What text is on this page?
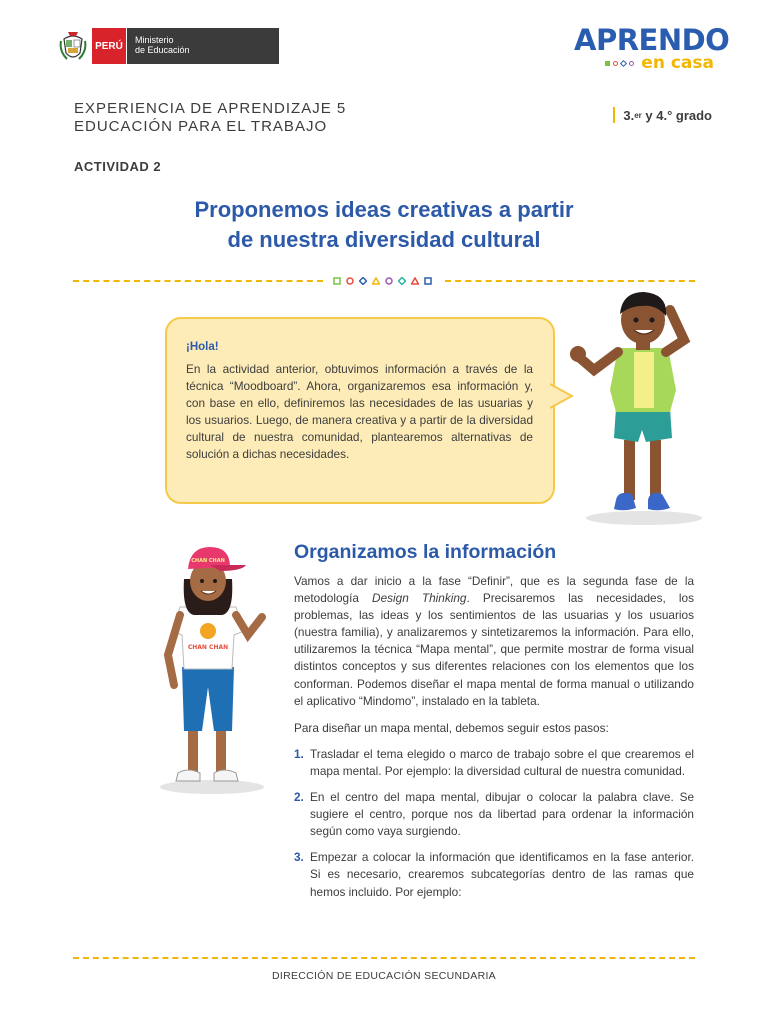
PERÚ
Ministerio
de Educación	APRENDO
en casa
EXPERIENCIA DE APRENDIZAJE 5
EDUCACIÓN PARA EL TRABAJO
3. er y 4.° grado
ACTIVIDAD 2
Proponemos ideas creativas a partir
de nuestra diversidad cultural
¡Hola!
En la actividad anterior, obtuvimos información a través de la técnica “Moodboard”. Ahora, organizaremos esa información y, con base en ello, definiremos las necesidades de las usuarias y los usuarios. Luego, de manera creativa y a partir de la diversidad cultural de nuestra comunidad, plantearemos alternativas de solución a dichas necesidades.
Organizamos la información

Vamos a dar inicio a la fase “Definir”, que es la segunda fase de la metodología Design Thinking. Precisaremos las necesidades, los problemas, las ideas y los sentimientos de las usuarias y los usuarios (nuestra familia), y analizaremos y sintetizaremos la información. Para ello, utilizaremos la técnica “Mapa mental”, que permite mostrar de forma visual distintos conceptos y sus diferentes relaciones con los elementos que los conforman. Podemos diseñar el mapa mental de forma manual o utilizando el aplicativo “Mindomo”, instalado en la tableta.

Para diseñar un mapa mental, debemos seguir estos pasos:

1. Trasladar el tema elegido o marco de trabajo sobre el que crearemos el mapa mental. Por ejemplo: la diversidad cultural de nuestra comunidad.
2. En el centro del mapa mental, dibujar o colocar la palabra clave. Se sugiere el centro, porque nos da libertad para ordenar la información según como vaya surgiendo.
3. Empezar a colocar la información que identificamos en la fase anterior. Si es necesario, crearemos subcategorías dentro de las ramas que hemos incluido. Por ejemplo:
CHAN CHAN
CHAN CHAN
DIRECCIÓN DE EDUCACIÓN SECUNDARIA
